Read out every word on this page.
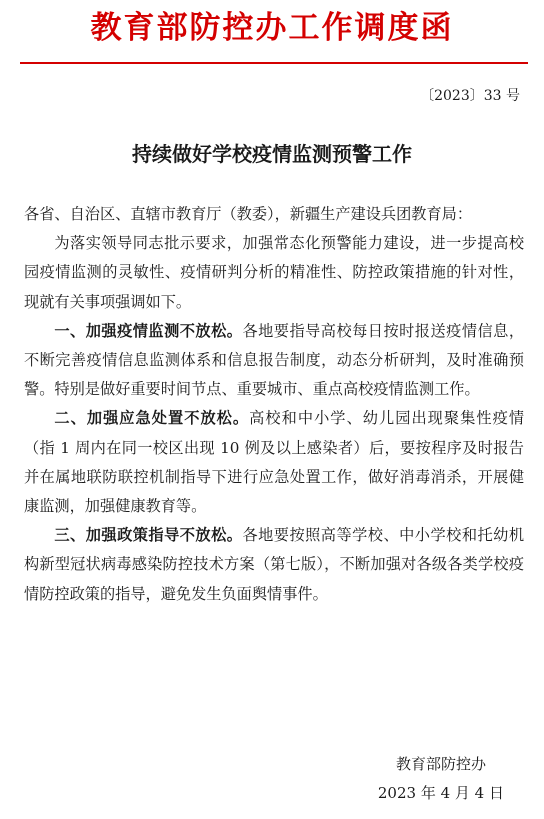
教育部防控办工作调度函
〔2023〕33 号
持续做好学校疫情监测预警工作

各省、自治区、直辖市教育厅（教委），新疆生产建设兵团教育局：

为落实领导同志批示要求，加强常态化预警能力建设，进一步提高校园疫情监测的灵敏性、疫情研判分析的精准性、防控政策措施的针对性，现就有关事项强调如下。

一、加强疫情监测不放松。各地要指导高校每日按时报送疫情信息，不断完善疫情信息监测体系和信息报告制度，动态分析研判，及时准确预警。特别是做好重要时间节点、重要城市、重点高校疫情监测工作。

二、加强应急处置不放松。高校和中小学、幼儿园出现聚集性疫情（指 1 周内在同一校区出现 10 例及以上感染者）后，要按程序及时报告并在属地联防联控机制指导下进行应急处置工作，做好消毒消杀，开展健康监测，加强健康教育等。

三、加强政策指导不放松。各地要按照高等学校、中小学校和托幼机构新型冠状病毒感染防控技术方案（第七版），不断加强对各级各类学校疫情防控政策的指导，避免发生负面舆情事件。

教育部防控办
2023 年 4 月 4 日
